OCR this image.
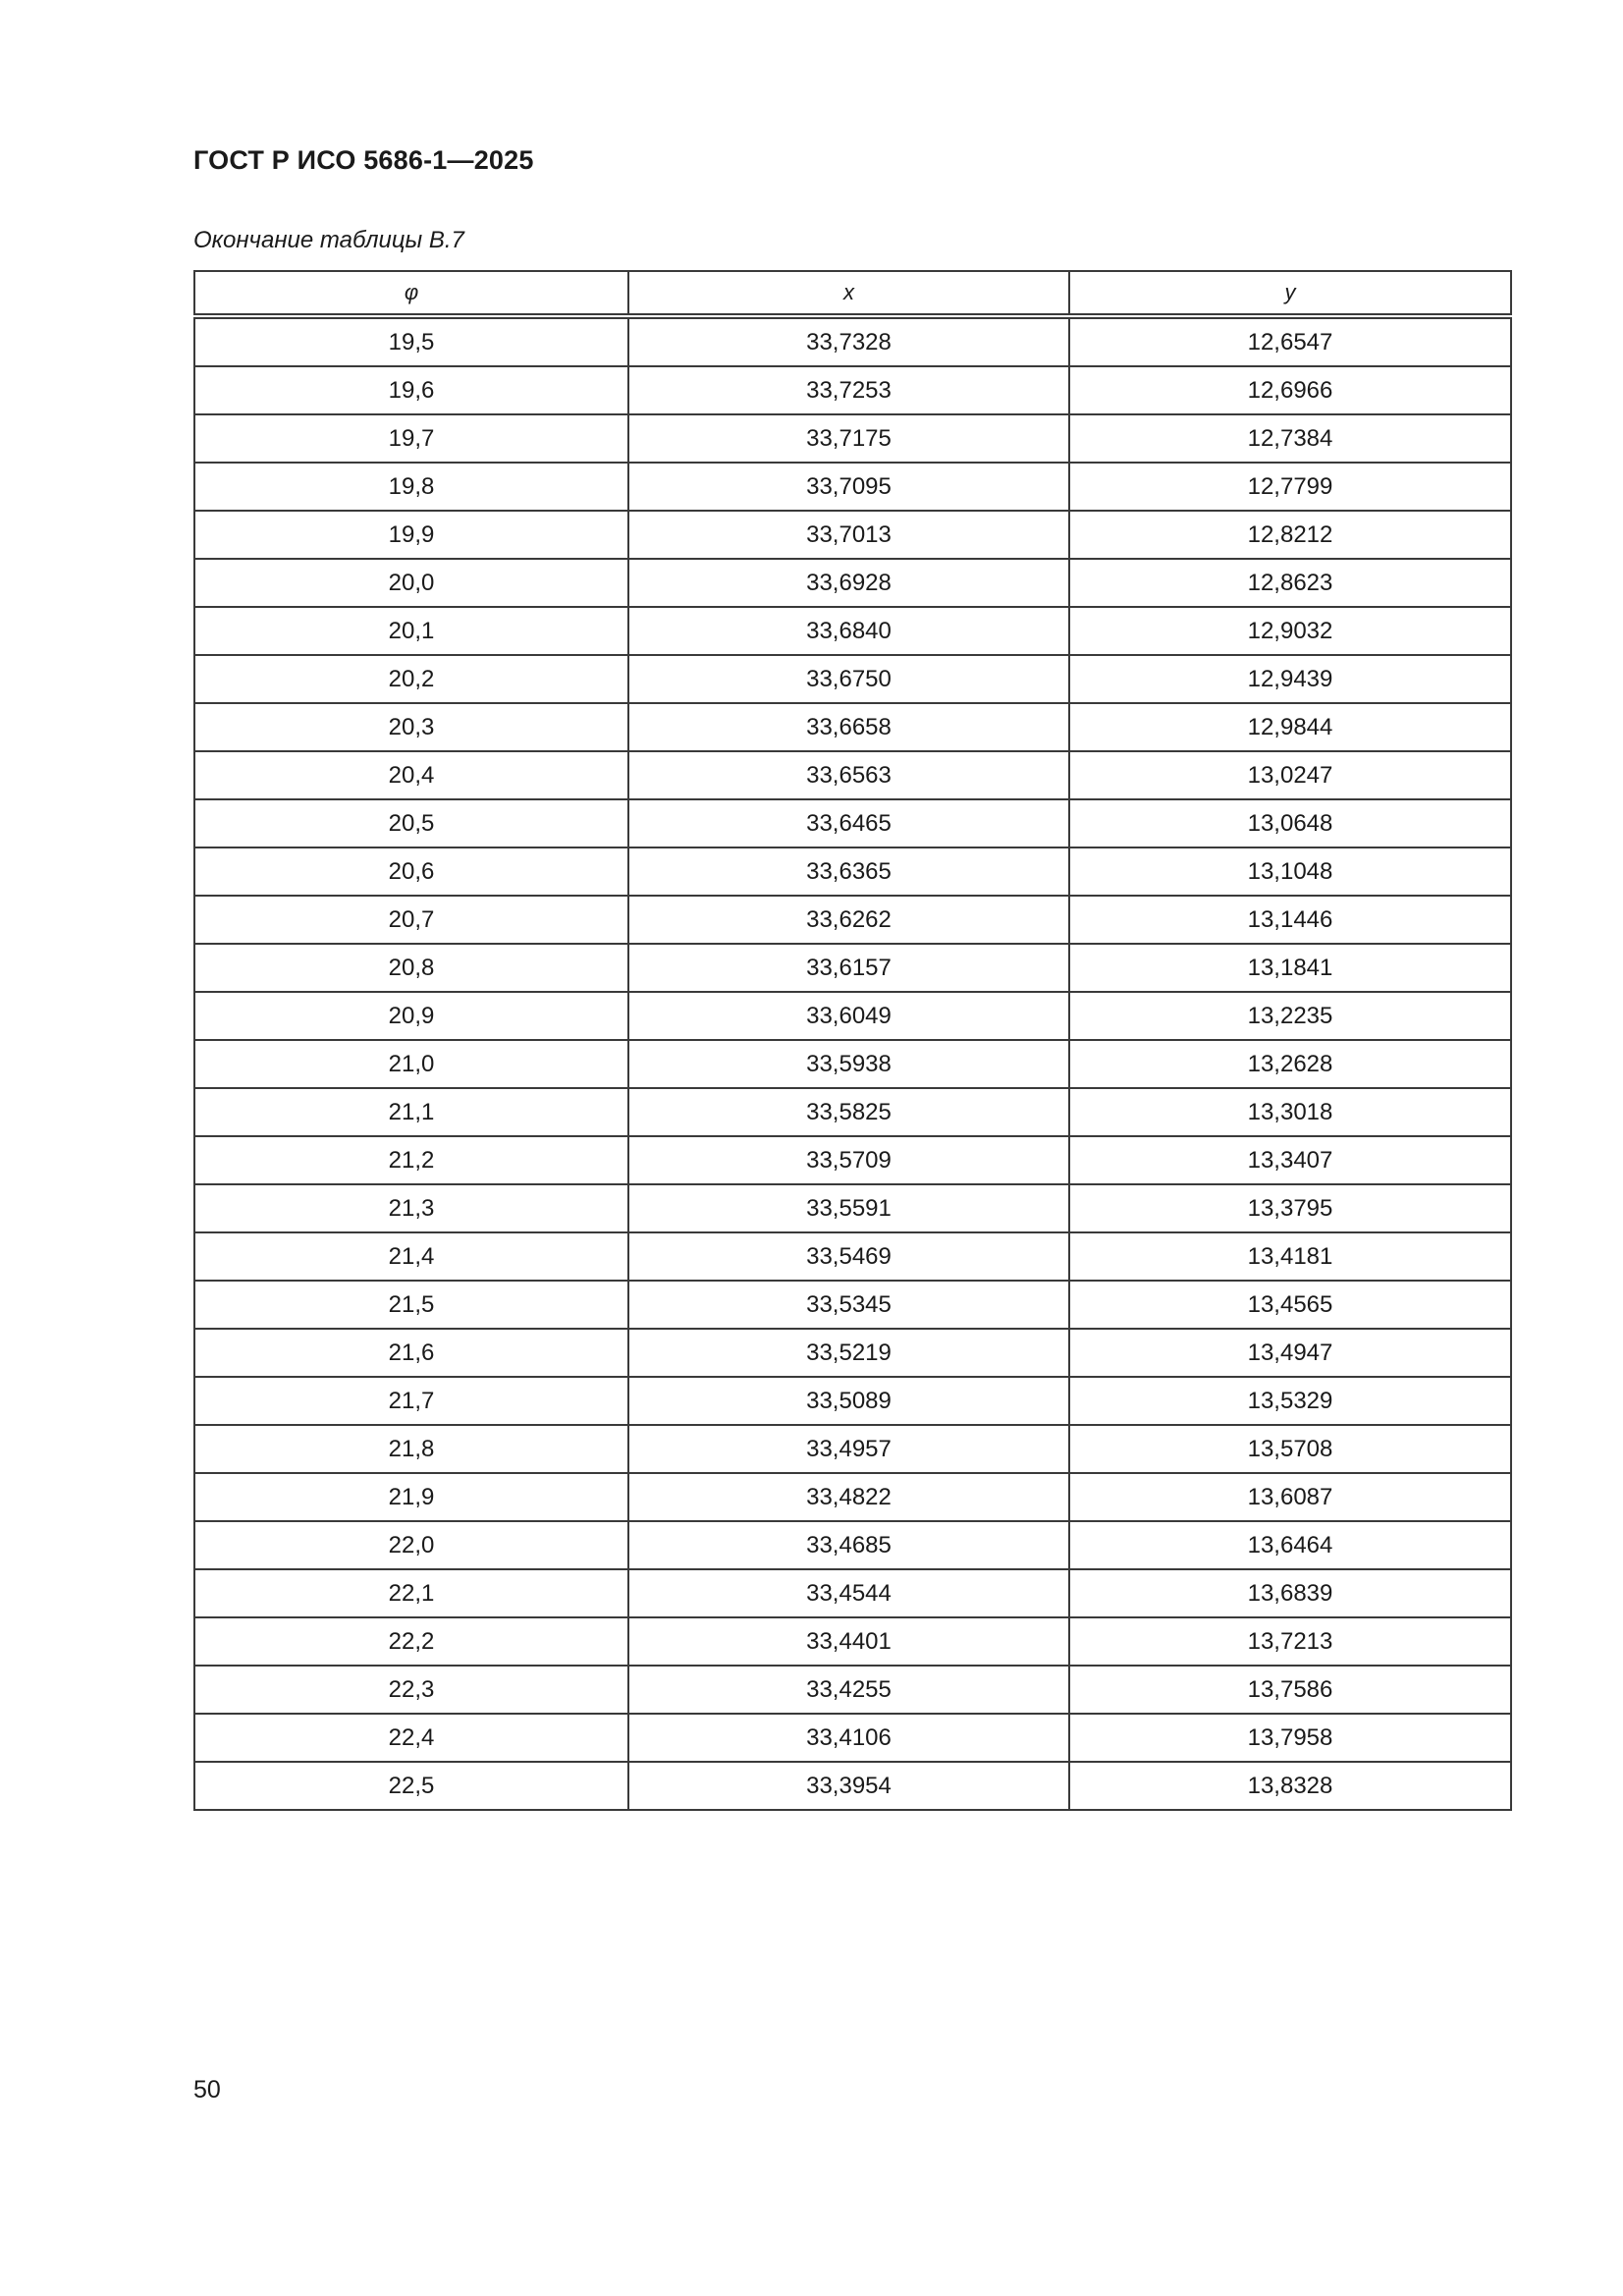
ГОСТ Р ИСО 5686-1—2025
Окончание таблицы В.7
φ	x	y
19,5	33,7328	12,6547
19,6	33,7253	12,6966
19,7	33,7175	12,7384
19,8	33,7095	12,7799
19,9	33,7013	12,8212
20,0	33,6928	12,8623
20,1	33,6840	12,9032
20,2	33,6750	12,9439
20,3	33,6658	12,9844
20,4	33,6563	13,0247
20,5	33,6465	13,0648
20,6	33,6365	13,1048
20,7	33,6262	13,1446
20,8	33,6157	13,1841
20,9	33,6049	13,2235
21,0	33,5938	13,2628
21,1	33,5825	13,3018
21,2	33,5709	13,3407
21,3	33,5591	13,3795
21,4	33,5469	13,4181
21,5	33,5345	13,4565
21,6	33,5219	13,4947
21,7	33,5089	13,5329
21,8	33,4957	13,5708
21,9	33,4822	13,6087
22,0	33,4685	13,6464
22,1	33,4544	13,6839
22,2	33,4401	13,7213
22,3	33,4255	13,7586
22,4	33,4106	13,7958
22,5	33,3954	13,8328
50
